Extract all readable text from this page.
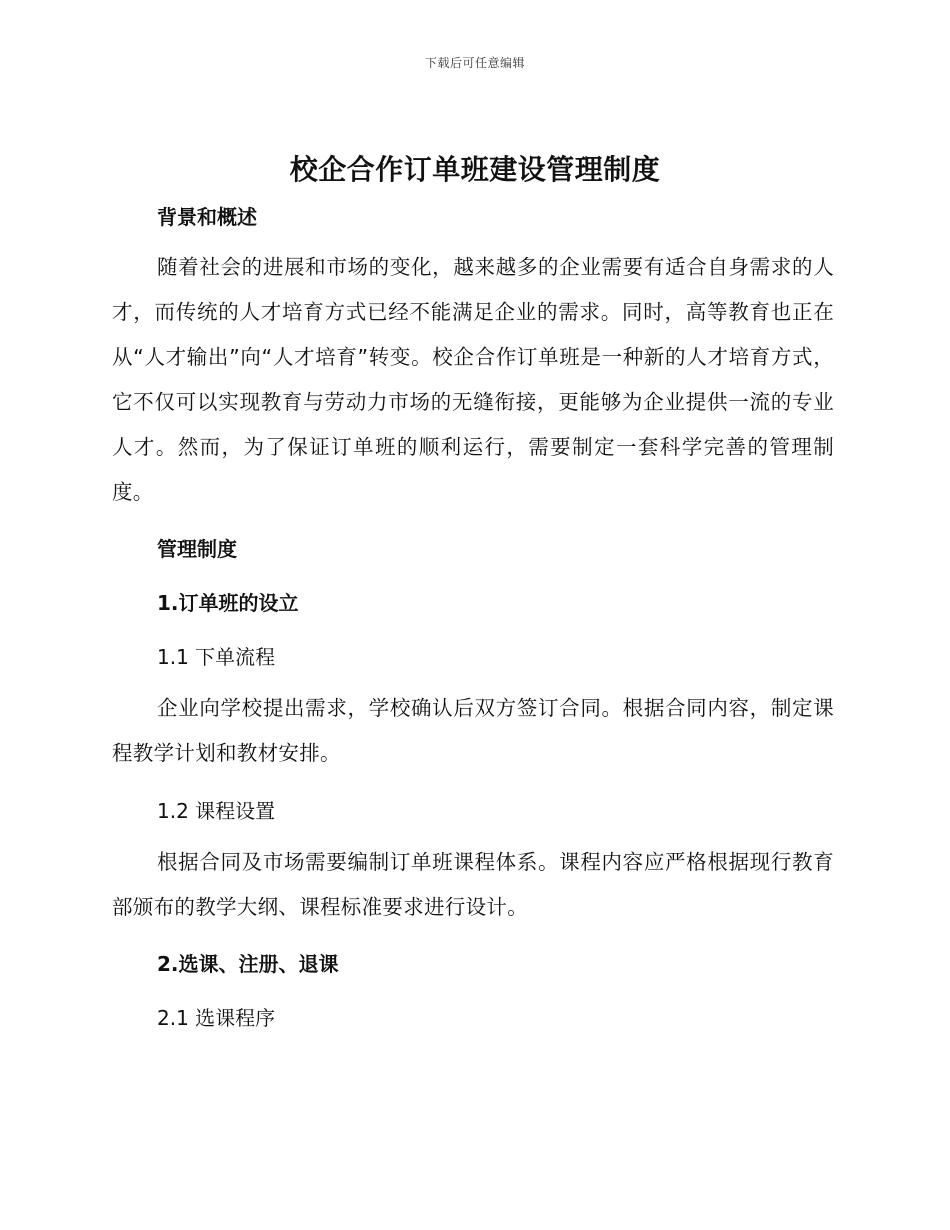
下载后可任意编辑
校企合作订单班建设管理制度
背景和概述
随着社会的进展和市场的变化，越来越多的企业需要有适合自身需求的人才，而传统的人才培育方式已经不能满足企业的需求。同时，高等教育也正在从“人才输出”向“人才培育”转变。校企合作订单班是一种新的人才培育方式，它不仅可以实现教育与劳动力市场的无缝衔接，更能够为企业提供一流的专业人才。然而，为了保证订单班的顺利运行，需要制定一套科学完善的管理制度。
管理制度
1.订单班的设立
1.1 下单流程
企业向学校提出需求，学校确认后双方签订合同。根据合同内容，制定课程教学计划和教材安排。
1.2 课程设置
根据合同及市场需要编制订单班课程体系。课程内容应严格根据现行教育部颁布的教学大纲、课程标准要求进行设计。
2.选课、注册、退课
2.1 选课程序
